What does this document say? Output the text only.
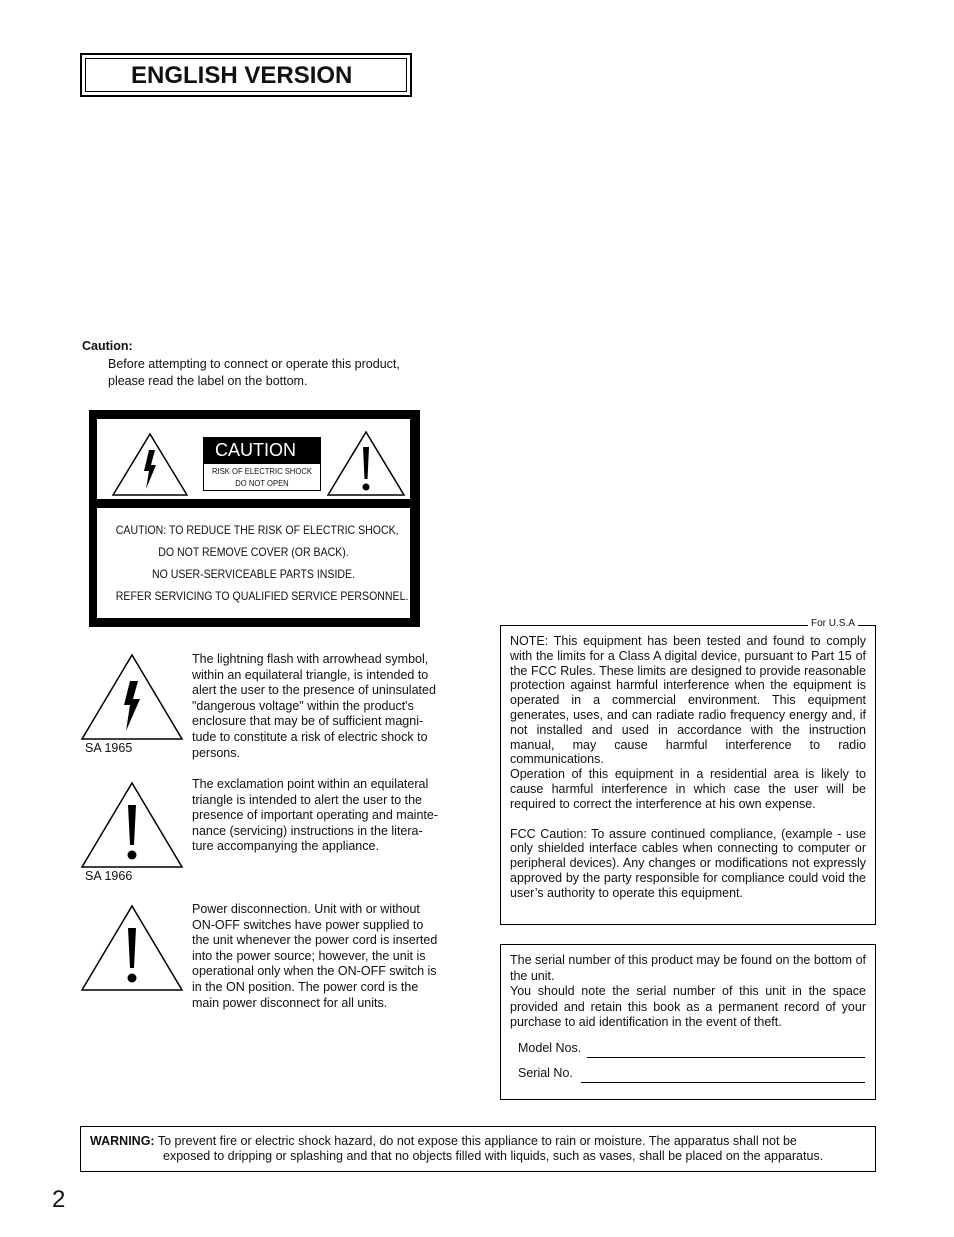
ENGLISH VERSION
Caution:
Before attempting to connect or operate this product,
please read the label on the bottom.
CAUTION
RISK OF ELECTRIC SHOCK
DO NOT OPEN
CAUTION: TO REDUCE THE RISK OF ELECTRIC SHOCK,
DO NOT REMOVE COVER (OR BACK).
NO USER-SERVICEABLE PARTS INSIDE.
REFER SERVICING TO QUALIFIED SERVICE PERSONNEL.
SA 1965
The lightning flash with arrowhead symbol,
within an equilateral triangle, is intended to
alert the user to the presence of uninsulated
"dangerous voltage" within the product's
enclosure that may be of sufficient magni-
tude to constitute a risk of electric shock to
persons.
SA 1966
The exclamation point within an equilateral
triangle is intended to alert the user to the
presence of important operating and mainte-
nance (servicing) instructions in the litera-
ture accompanying the appliance.
Power disconnection. Unit with or without
ON-OFF switches have power supplied to
the unit whenever the power cord is inserted
into the power source; however, the unit is
operational only when the ON-OFF switch is
in the ON position. The power cord is the
main power disconnect for all units.

NOTE: This equipment has been tested and found to comply with the limits for a Class A digital device, pursuant to Part 15 of the FCC Rules. These limits are designed to provide reasonable protection against harmful interference when the equipment is operated in a commercial environment. This equipment generates, uses, and can radiate radio frequency energy and, if not installed and used in accordance with the instruction manual, may cause harmful interference to radio communications.

Operation of this equipment in a residential area is likely to cause harmful interference in which case the user will be required to correct the interference at his own expense.

FCC Caution: To assure continued compliance, (example - use only shielded interface cables when connecting to computer or peripheral devices). Any changes or modifications not expressly approved by the party responsible for compliance could void the user’s authority to operate this equipment.

For U.S.A

The serial number of this product may be found on the bottom of the unit.

You should note the serial number of this unit in the space provided and retain this book as a permanent record of your purchase to aid identification in the event of theft.

Model Nos.
Serial No.
WARNING: To prevent fire or electric shock hazard, do not expose this appliance to rain or moisture. The apparatus shall not be
exposed to dripping or splashing and that no objects filled with liquids, such as vases, shall be placed on the apparatus.
2
